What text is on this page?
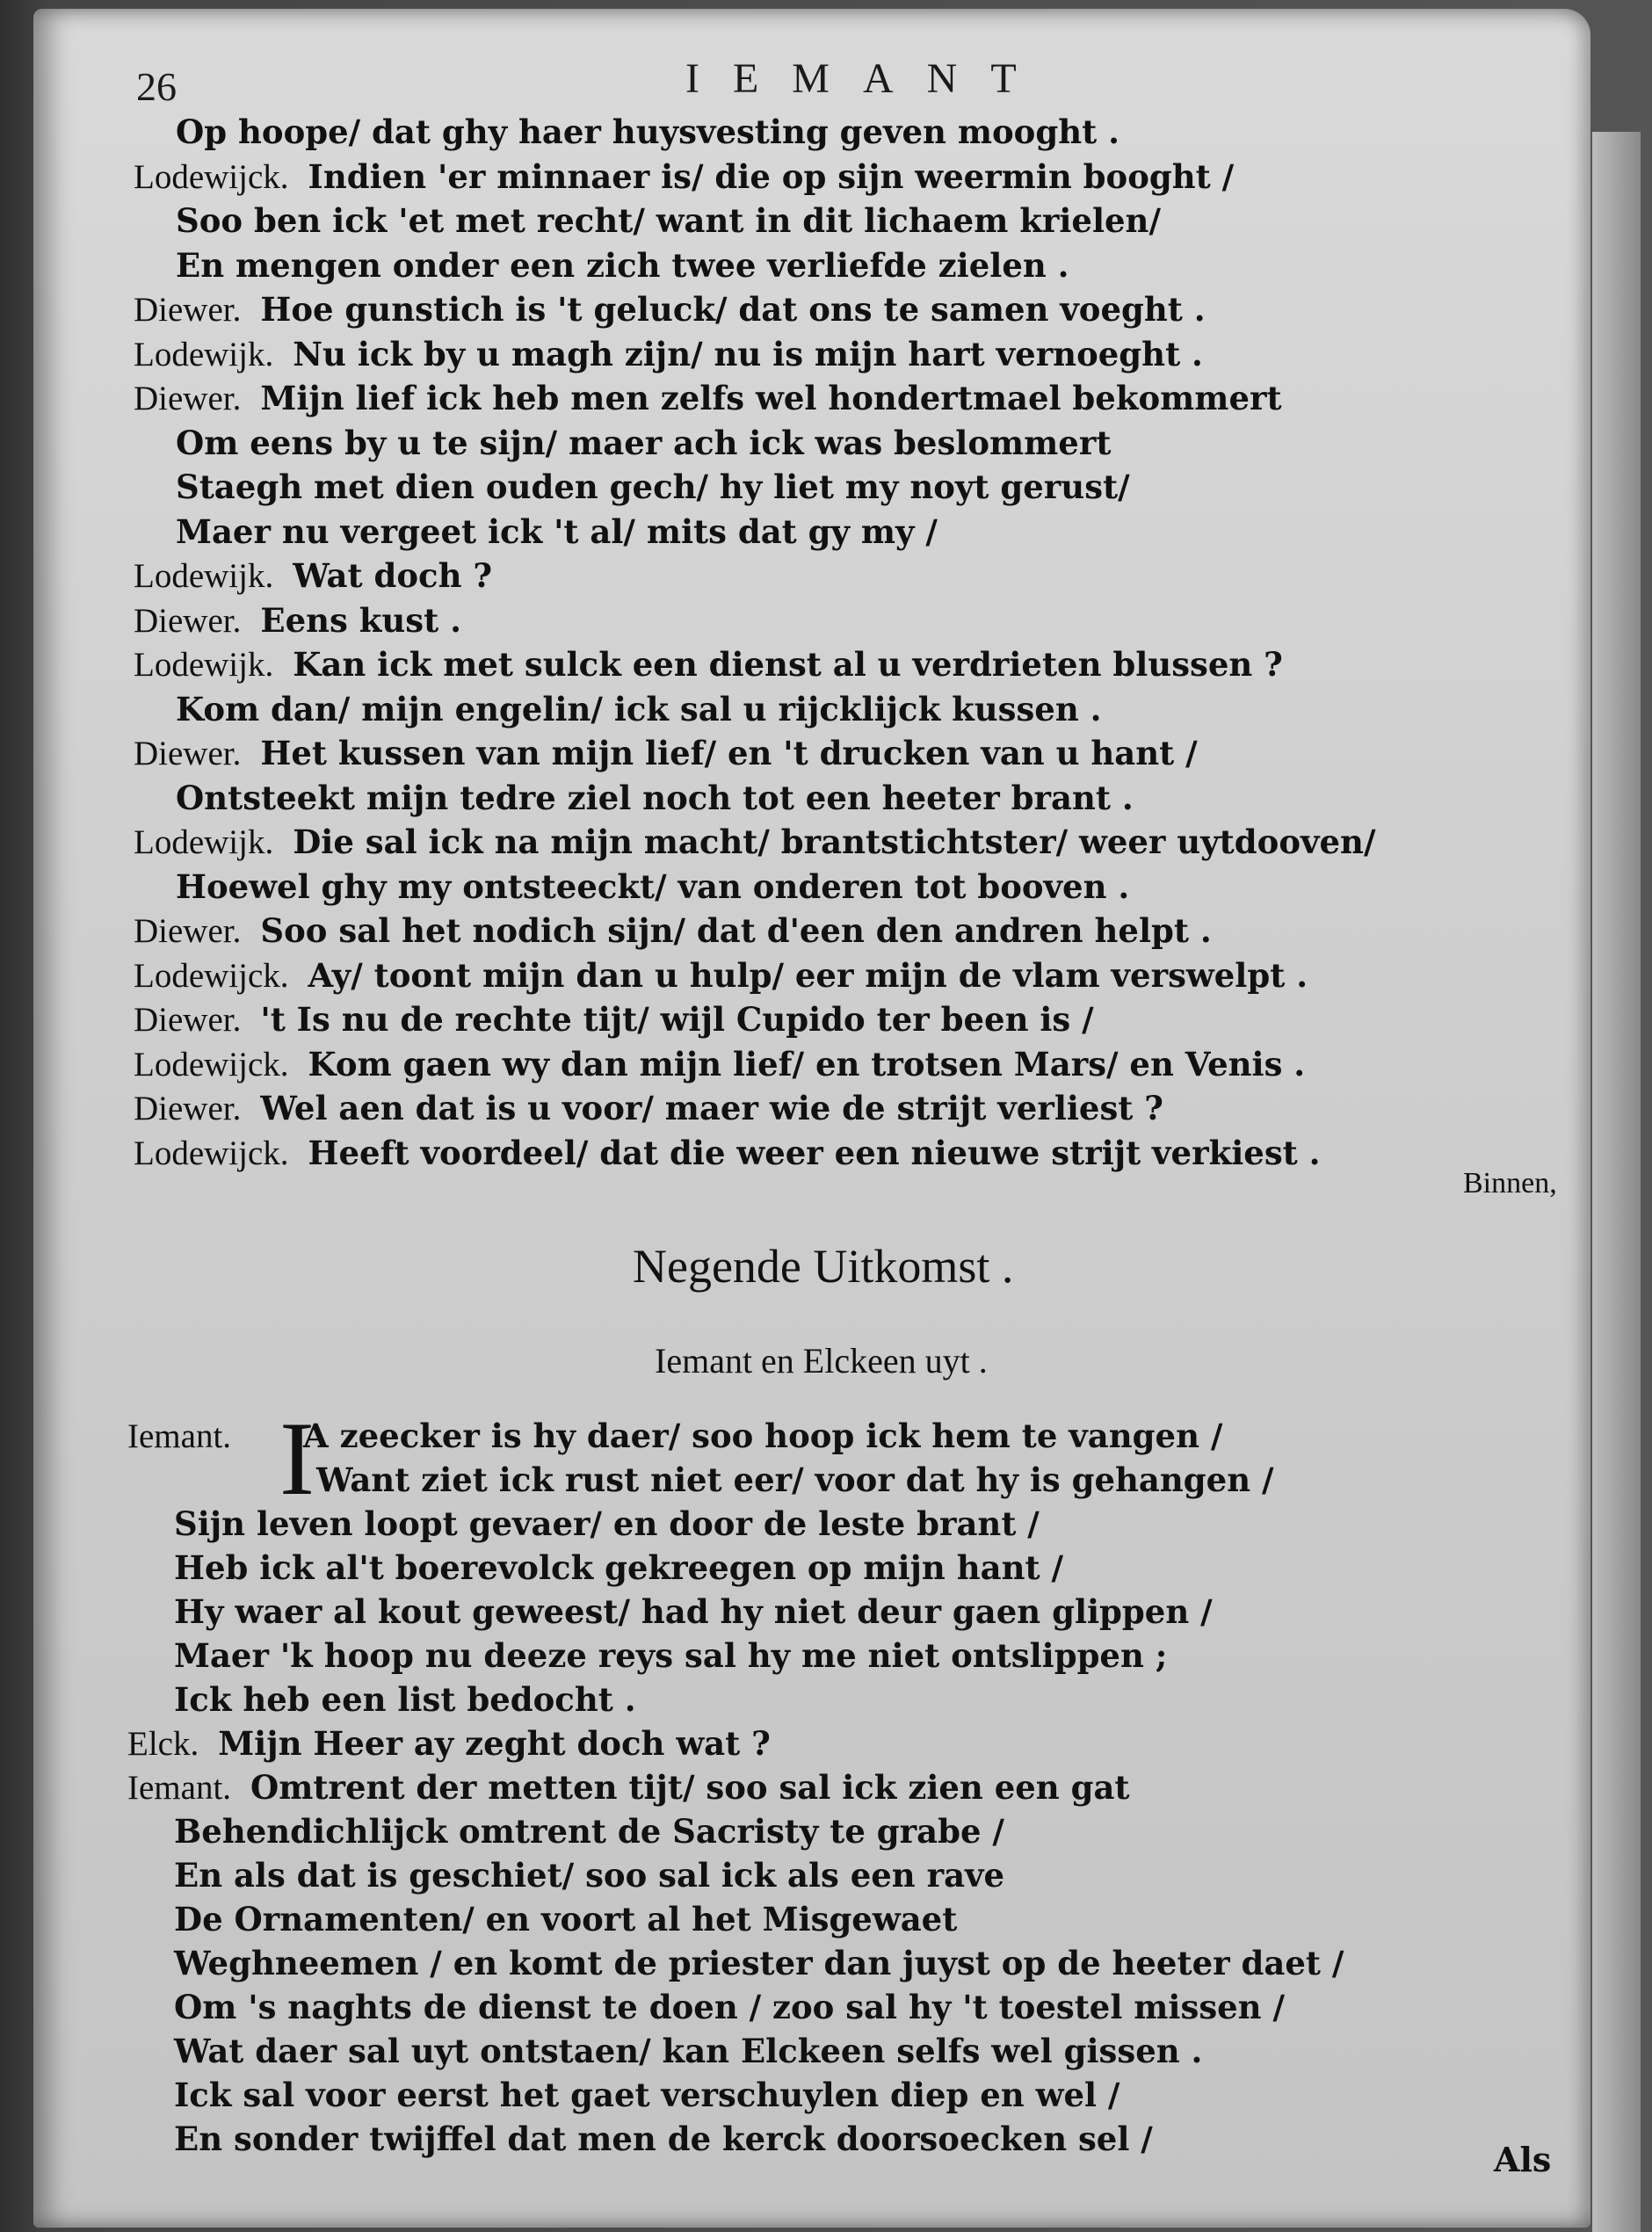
26	IEMANT
Op hoope/ dat ghy haer huysvesting geven mooght .
Lodewijck. Indien 'er minnaer is/ die op sijn weermin booght /
Soo ben ick 'et met recht/ want in dit lichaem krielen/
En mengen onder een zich twee verliefde zielen .
Diewer. Hoe gunstich is 't geluck/ dat ons te samen voeght .
Lodewijk. Nu ick by u magh zijn/ nu is mijn hart vernoeght .
Diewer. Mijn lief ick heb men zelfs wel hondertmael bekommert
Om eens by u te sijn/ maer ach ick was beslommert
Staegh met dien ouden gech/ hy liet my noyt gerust/
Maer nu vergeet ick 't al/ mits dat gy my /
Lodewijk. Wat doch ?
Diewer. Eens kust .
Lodewijk. Kan ick met sulck een dienst al u verdrieten blussen ?
Kom dan/ mijn engelin/ ick sal u rijcklijck kussen .
Diewer. Het kussen van mijn lief/ en 't drucken van u hant /
Ontsteekt mijn tedre ziel noch tot een heeter brant .
Lodewijk. Die sal ick na mijn macht/ brantstichtster/ weer uytdooven/
Hoewel ghy my ontsteeckt/ van onderen tot booven .
Diewer. Soo sal het nodich sijn/ dat d'een den andren helpt .
Lodewijck. Ay/ toont mijn dan u hulp/ eer mijn de vlam verswelpt .
Diewer. 't Is nu de rechte tijt/ wijl Cupido ter been is /
Lodewijck. Kom gaen wy dan mijn lief/ en trotsen Mars/ en Venis .
Diewer. Wel aen dat is u voor/ maer wie de strijt verliest ?
Lodewijck. Heeft voordeel/ dat die weer een nieuwe strijt verkiest .
Binnen,
Negende Uitkomst .
Iemant en Elckeen uyt .
I
Iemant. A zeecker is hy daer/ soo hoop ick hem te vangen /
Want ziet ick rust niet eer/ voor dat hy is gehangen /
Sijn leven loopt gevaer/ en door de leste brant /
Heb ick al't boerevolck gekreegen op mijn hant /
Hy waer al kout geweest/ had hy niet deur gaen glippen /
Maer 'k hoop nu deeze reys sal hy me niet ontslippen ;
Ick heb een list bedocht .
Elck. Mijn Heer ay zeght doch wat ?
Iemant. Omtrent der metten tijt/ soo sal ick zien een gat
Behendichlijck omtrent de Sacristy te grabe /
En als dat is geschiet/ soo sal ick als een rave
De Ornamenten/ en voort al het Misgewaet
Weghneemen / en komt de priester dan juyst op de heeter daet /
Om 's naghts de dienst te doen / zoo sal hy 't toestel missen /
Wat daer sal uyt ontstaen/ kan Elckeen selfs wel gissen .
Ick sal voor eerst het gaet verschuylen diep en wel /
En sonder twijffel dat men de kerck doorsoecken sel /
Als
